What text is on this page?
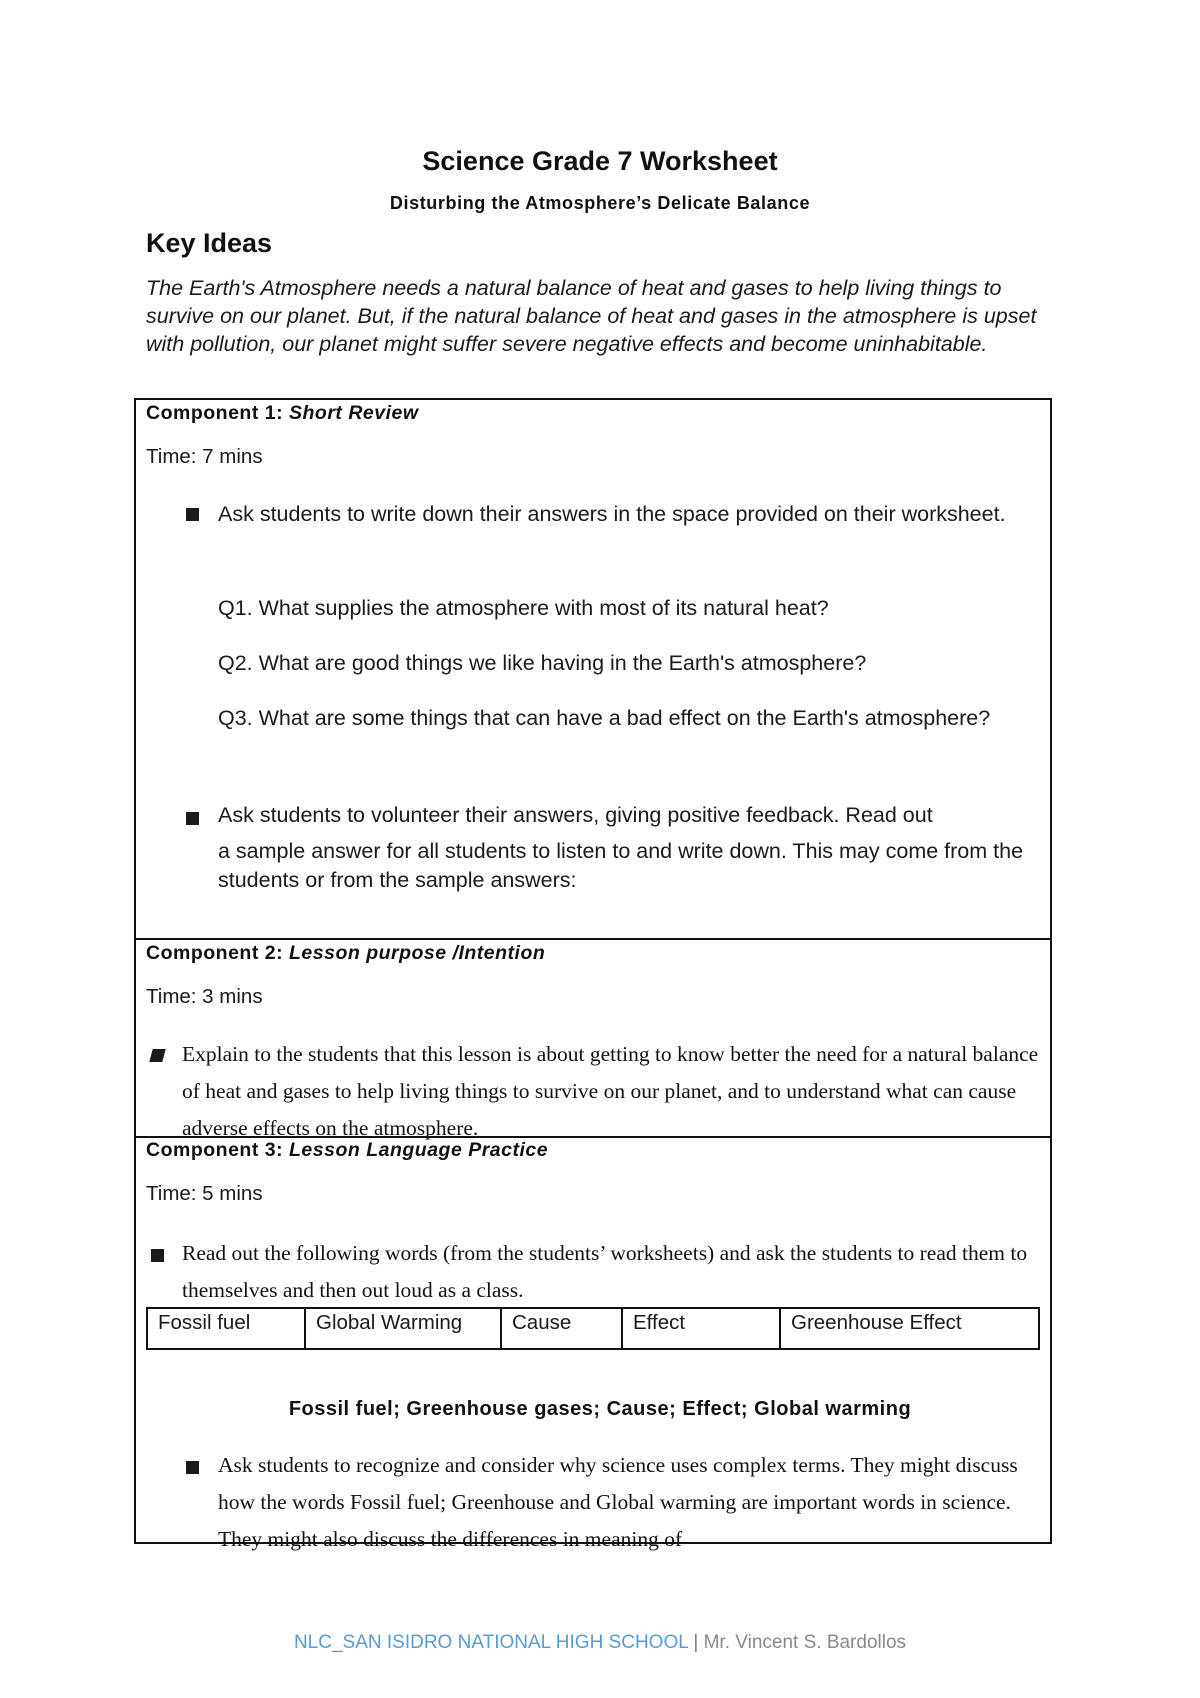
Science Grade 7 Worksheet
Disturbing the Atmosphere’s Delicate Balance
Key Ideas
The Earth's Atmosphere needs a natural balance of heat and gases to help living things to survive on our planet. But, if the natural balance of heat and gases in the atmosphere is upset with pollution, our planet might suffer severe negative effects and become uninhabitable.
Component 1: Short Review
Time: 7 mins
Ask students to write down their answers in the space provided on their worksheet.
Q1. What supplies the atmosphere with most of its natural heat?
Q2. What are good things we like having in the Earth's atmosphere?
Q3. What are some things that can have a bad effect on the Earth's atmosphere?
Ask students to volunteer their answers, giving positive feedback. Read out
a sample answer for all students to listen to and write down. This may come from the students or from the sample answers:
Component 2: Lesson purpose /Intention
Time: 3 mins
Explain to the students that this lesson is about getting to know better the need for a natural balance of heat and gases to help living things to survive on our planet, and to understand what can cause adverse effects on the atmosphere.
Component 3: Lesson Language Practice
Time: 5 mins
Read out the following words (from the students’ worksheets) and ask the students to read them to themselves and then out loud as a class.
Fossil fuel	Global Warming	Cause	Effect	Greenhouse Effect
Fossil fuel; Greenhouse gases; Cause; Effect; Global warming
Ask students to recognize and consider why science uses complex terms. They might discuss how the words Fossil fuel; Greenhouse and Global warming are important words in science. They might also discuss the differences in meaning of
NLC_SAN ISIDRO NATIONAL HIGH SCHOOL | Mr. Vincent S. Bardollos
